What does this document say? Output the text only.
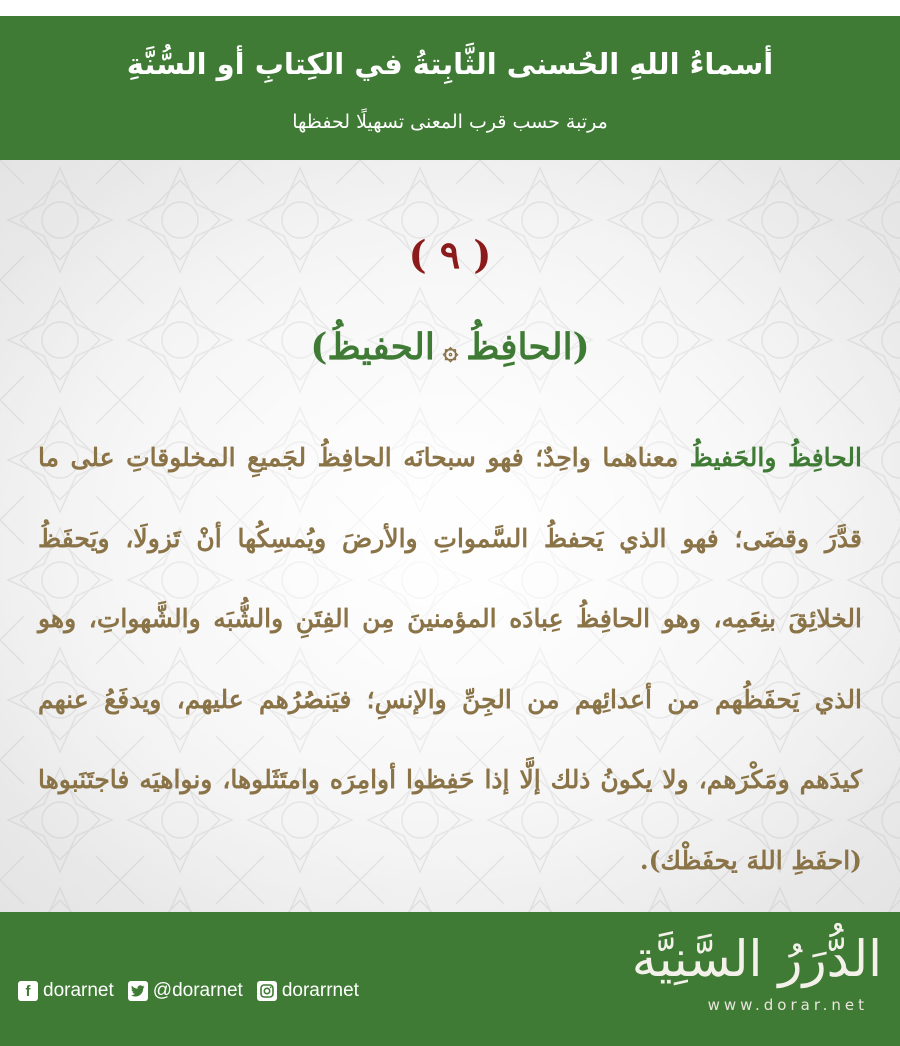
أسماءُ اللهِ الحُسنى الثَّابِتةُ في الكِتابِ أو السُّنَّةِ
مرتبة حسب قرب المعنى تسهيلًا لحفظها
( ٩ )
(الحافِظُ۞الحفيظُ)

الحافِظُ والحَفيظُ معناهما واحِدٌ؛ فهو سبحانَه الحافِظُ لجَميعِ المخلوقاتِ على ما قدَّرَ وقضَى؛ فهو الذي يَحفظُ السَّمواتِ والأرضَ ويُمسِكُها أنْ تَزولَا، ويَحفَظُ الخلائِقَ بنِعَمِه، وهو الحافِظُ عِبادَه المؤمنينَ مِن الفِتَنِ والشُّبَه والشَّهواتِ، وهو الذي يَحفَظُهم من أعدائِهم من الجِنِّ والإنسِ؛ فيَنصُرُهم عليهم، ويدفَعُ عنهم كيدَهم ومَكْرَهم، ولا يكونُ ذلك إلَّا إذا حَفِظوا أوامِرَه وامتَثَلوها، ونواهيَه فاجتَنَبوها (احفَظِ اللهَ يحفَظْك).

f dorarnet @dorarnet dorarrnet
الدُّرَرُ السَّنِيَّة
www.dorar.net
